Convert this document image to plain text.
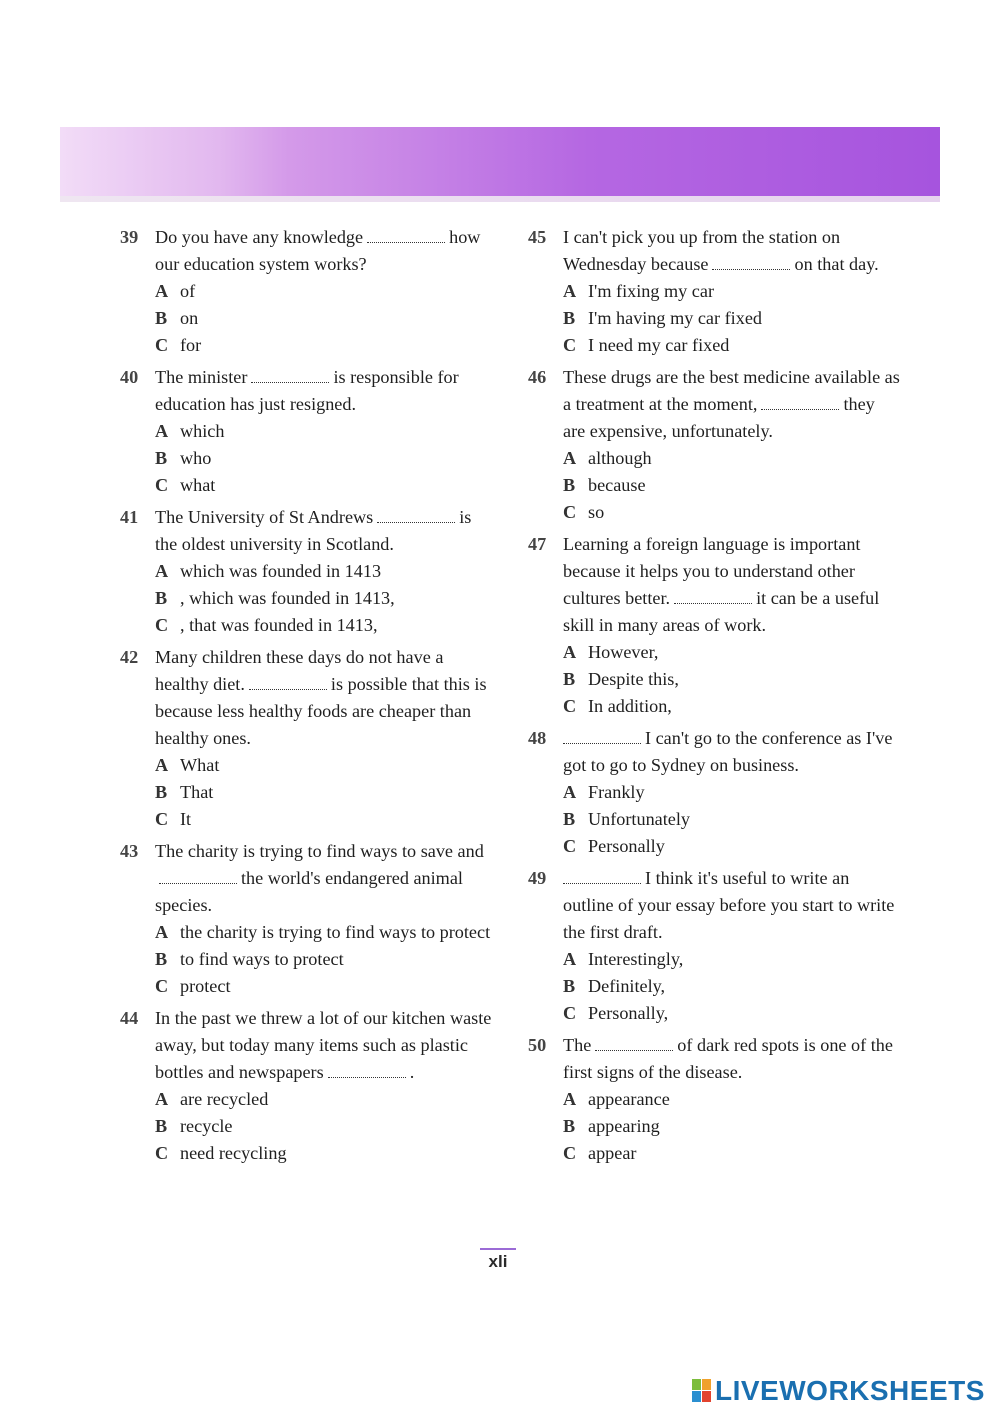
39 Do you have any knowledge	how our education system works?
A of
B on
C for
40 The minister	is responsible for education has just resigned.
A which
B who
C what
41 The University of St Andrews	is the oldest university in Scotland.
A which was founded in 1413
B , which was founded in 1413,
C , that was founded in 1413,
42 Many children these days do not have a healthy diet.	is possible that this is because less healthy foods are cheaper than healthy ones.
A What
B That
C It
43 The charity is trying to find ways to save andthe world's endangered animal species.
A the charity is trying to find ways to protect
B to find ways to protect
C protect
44 In the past we threw a lot of our kitchen waste away, but today many items such as plastic bottles and newspapers	.
A are recycled
B recycle
C need recycling
45 I can't pick you up from the station on Wednesday because	on that day.
A I'm fixing my car
B I'm having my car fixed
C I need my car fixed
46 These drugs are the best medicine available as a treatment at the moment,	they are expensive, unfortunately.
A although
B because
C so
47 Learning a foreign language is important because it helps you to understand other cultures better.	it can be a useful skill in many areas of work.
A However,
B Despite this,
C In addition,
48	I can't go to the conference as I've got to go to Sydney on business.
A Frankly
B Unfortunately
C Personally
49	I think it's useful to write an outline of your essay before you start to write the first draft.
A Interestingly,
B Definitely,
C Personally,
50 The	of dark red spots is one of the first signs of the disease.
A appearance
B appearing
C appear
xli
LIVEWORKSHEETS
